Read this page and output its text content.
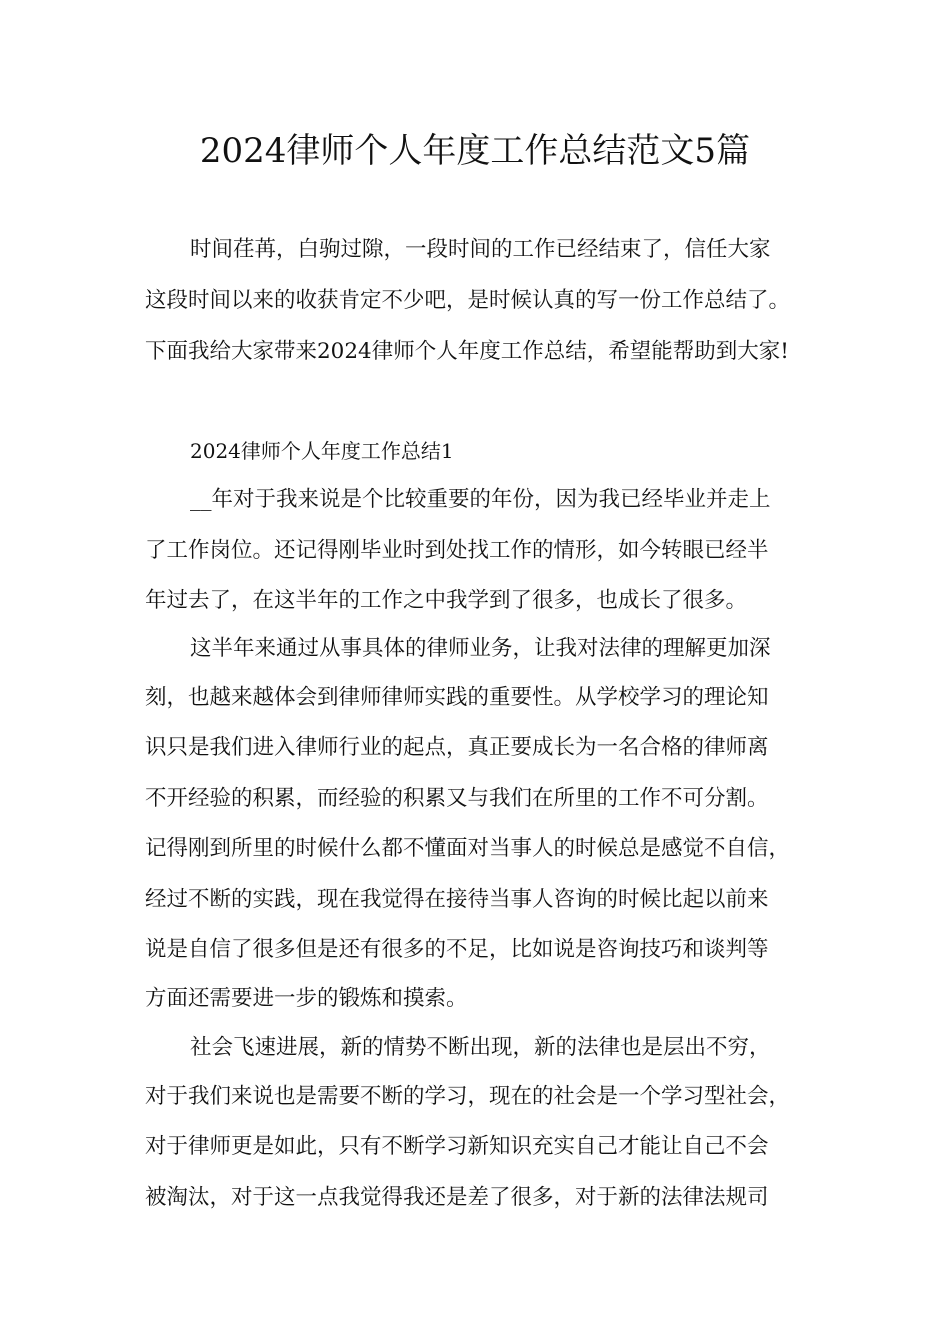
2024律师个人年度工作总结范文5篇
时间荏苒，白驹过隙，一段时间的工作已经结束了，信任大家
这段时间以来的收获肯定不少吧，是时候认真的写一份工作总结了。
下面我给大家带来2024律师个人年度工作总结，希望能帮助到大家!
2024律师个人年度工作总结1
__年对于我来说是个比较重要的年份，因为我已经毕业并走上
了工作岗位。还记得刚毕业时到处找工作的情形，如今转眼已经半
年过去了，在这半年的工作之中我学到了很多，也成长了很多。
这半年来通过从事具体的律师业务，让我对法律的理解更加深
刻，也越来越体会到律师律师实践的重要性。从学校学习的理论知
识只是我们进入律师行业的起点，真正要成长为一名合格的律师离
不开经验的积累，而经验的积累又与我们在所里的工作不可分割。
记得刚到所里的时候什么都不懂面对当事人的时候总是感觉不自信，
经过不断的实践，现在我觉得在接待当事人咨询的时候比起以前来
说是自信了很多但是还有很多的不足，比如说是咨询技巧和谈判等
方面还需要进一步的锻炼和摸索。
社会飞速进展，新的情势不断出现，新的法律也是层出不穷，
对于我们来说也是需要不断的学习，现在的社会是一个学习型社会，
对于律师更是如此，只有不断学习新知识充实自己才能让自己不会
被淘汰，对于这一点我觉得我还是差了很多，对于新的法律法规司
